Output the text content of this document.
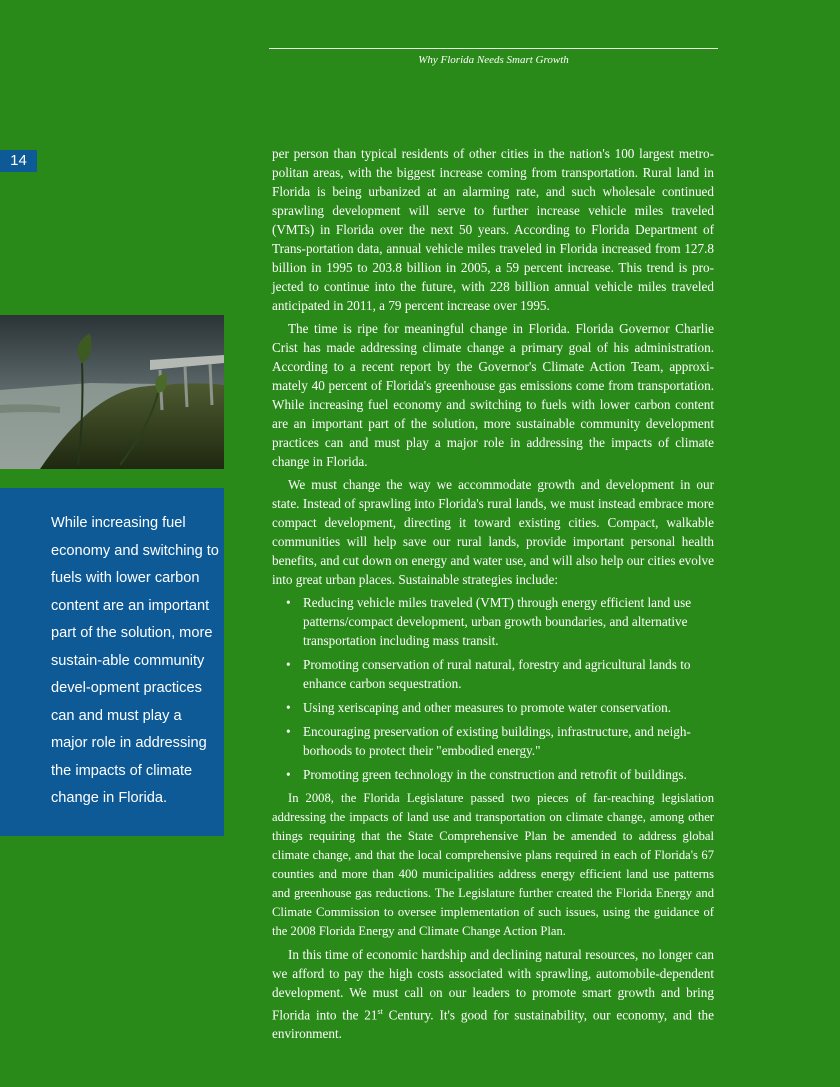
Why Florida Needs Smart Growth
14
While increasing fuel economy and switching to fuels with lower carbon content are an important part of the solution, more sustain-able community devel-opment practices can and must play a major role in addressing the impacts of climate change in Florida.

per person than typical residents of other cities in the nation's 100 largest metro-politan areas, with the biggest increase coming from transportation. Rural land in Florida is being urbanized at an alarming rate, and such wholesale continued sprawling development will serve to further increase vehicle miles traveled (VMTs) in Florida over the next 50 years. According to Florida Department of Trans-portation data, annual vehicle miles traveled in Florida increased from 127.8 billion in 1995 to 203.8 billion in 2005, a 59 percent increase. This trend is pro-jected to continue into the future, with 228 billion annual vehicle miles traveled anticipated in 2011, a 79 percent increase over 1995.

The time is ripe for meaningful change in Florida. Florida Governor Charlie Crist has made addressing climate change a primary goal of his administration. According to a recent report by the Governor's Climate Action Team, approxi-mately 40 percent of Florida's greenhouse gas emissions come from transportation. While increasing fuel economy and switching to fuels with lower carbon content are an important part of the solution, more sustainable community development practices can and must play a major role in addressing the impacts of climate change in Florida.

We must change the way we accommodate growth and development in our state. Instead of sprawling into Florida's rural lands, we must instead embrace more compact development, directing it toward existing cities. Compact, walkable communities will help save our rural lands, provide important personal health benefits, and cut down on energy and water use, and will also help our cities evolve into great urban places. Sustainable strategies include:

• Reducing vehicle miles traveled (VMT) through energy efficient land use patterns/compact development, urban growth boundaries, and alternative transportation including mass transit.
• Promoting conservation of rural natural, forestry and agricultural lands to enhance carbon sequestration.
• Using xeriscaping and other measures to promote water conservation.
• Encouraging preservation of existing buildings, infrastructure, and neigh-borhoods to protect their "embodied energy."
• Promoting green technology in the construction and retrofit of buildings.

In 2008, the Florida Legislature passed two pieces of far-reaching legislation addressing the impacts of land use and transportation on climate change, among other things requiring that the State Comprehensive Plan be amended to address global climate change, and that the local comprehensive plans required in each of Florida's 67 counties and more than 400 municipalities address energy efficient land use patterns and greenhouse gas reductions. The Legislature further created the Florida Energy and Climate Commission to oversee implementation of such issues, using the guidance of the 2008 Florida Energy and Climate Change Action Plan.

In this time of economic hardship and declining natural resources, no longer can we afford to pay the high costs associated with sprawling, automobile-dependent development. We must call on our leaders to promote smart growth and bring Florida into the 21st Century. It's good for sustainability, our economy, and the environment.
